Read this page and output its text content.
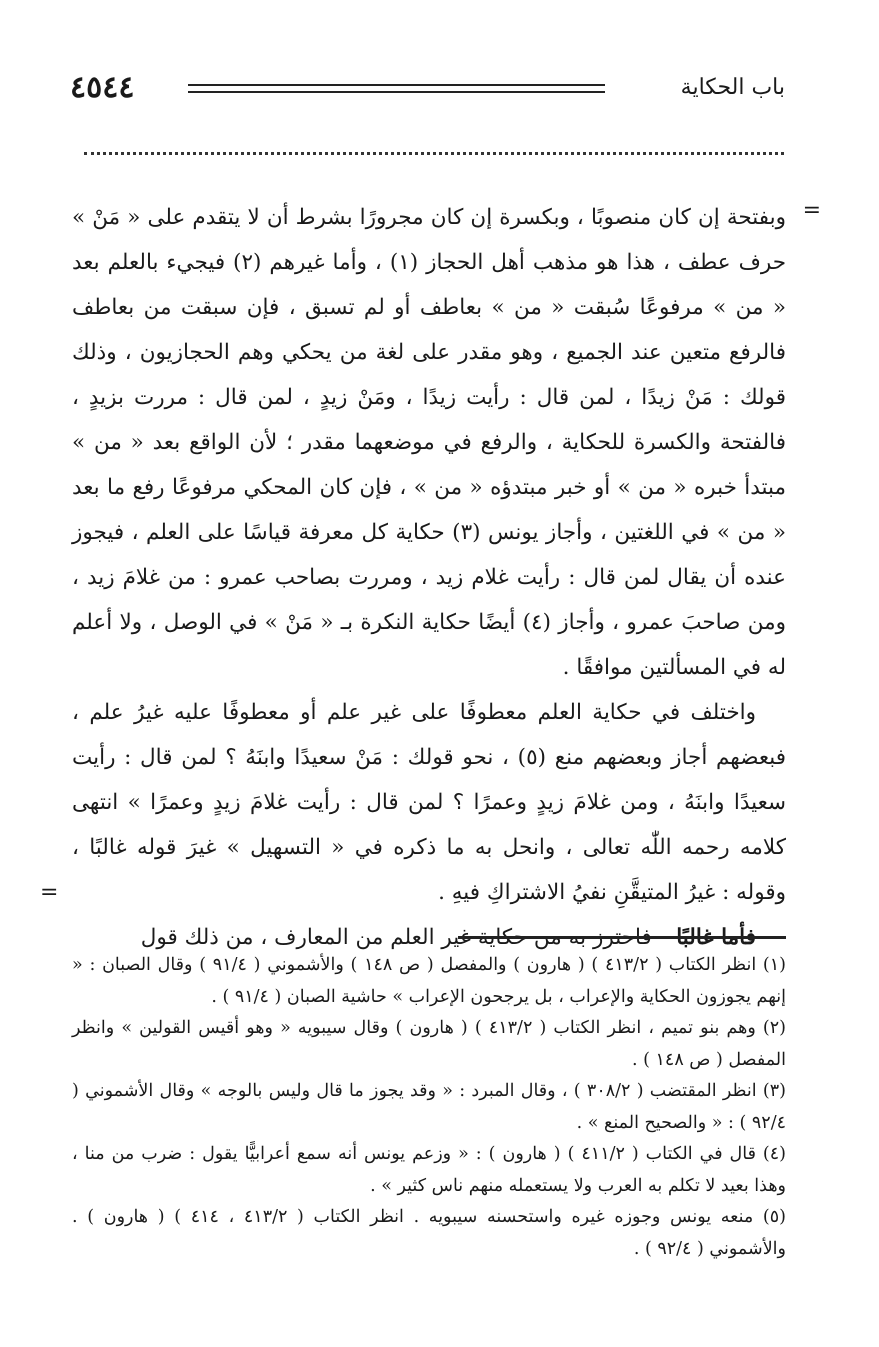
٤٥٤٤	باب الحكاية
=

وبفتحة إن كان منصوبًا ، وبكسرة إن كان مجرورًا بشرط أن لا يتقدم على « مَنْ » حرف عطف ، هذا هو مذهب أهل الحجاز (١) ، وأما غيرهم (٢) فيجيء بالعلم بعد « من » مرفوعًا سُبقت « من » بعاطف أو لم تسبق ، فإن سبقت من بعاطف فالرفع متعين عند الجميع ، وهو مقدر على لغة من يحكي وهم الحجازيون ، وذلك قولك : مَنْ زيدًا ، لمن قال : رأيت زيدًا ، ومَنْ زيدٍ ، لمن قال : مررت بزيدٍ ، فالفتحة والكسرة للحكاية ، والرفع في موضعهما مقدر ؛ لأن الواقع بعد « من » مبتدأ خبره « من » أو خبر مبتدؤه « من » ، فإن كان المحكي مرفوعًا رفع ما بعد « من » في اللغتين ، وأجاز يونس (٣) حكاية كل معرفة قياسًا على العلم ، فيجوز عنده أن يقال لمن قال : رأيت غلام زيد ، ومررت بصاحب عمرو : من غلامَ زيد ، ومن صاحبَ عمرو ، وأجاز (٤) أيضًا حكاية النكرة بـ « مَنْ » في الوصل ، ولا أعلم له في المسألتين موافقًا .

واختلف في حكاية العلم معطوفًا على غير علم أو معطوفًا عليه غيرُ علم ، فبعضهم أجاز وبعضهم منع (٥) ، نحو قولك : مَنْ سعيدًا وابنَهُ ؟ لمن قال : رأيت سعيدًا وابنَهُ ، ومن غلامَ زيدٍ وعمرًا ؟ لمن قال : رأيت غلامَ زيدٍ وعمرًا » انتهى كلامه رحمه اللّٰه تعالى ، وانحل به ما ذكره في « التسهيل » غيرَ قوله غالبًا ، وقوله : غيرُ المتيقَّنِ نفيُ الاشتراكِ فيهِ .

فأما غالبًا – فاحترز به من حكاية غير العلم من المعارف ، من ذلك قول

=

(١) انظر الكتاب ( ٤١٣/٢ ) ( هارون ) والمفصل ( ص ١٤٨ ) والأشموني ( ٩١/٤ ) وقال الصبان : « إنهم يجوزون الحكاية والإعراب ، بل يرجحون الإعراب » حاشية الصبان ( ٩١/٤ ) .

(٢) وهم بنو تميم ، انظر الكتاب ( ٤١٣/٢ ) ( هارون ) وقال سيبويه « وهو أقيس القولين » وانظر المفصل ( ص ١٤٨ ) .

(٣) انظر المقتضب ( ٣٠٨/٢ ) ، وقال المبرد : « وقد يجوز ما قال وليس بالوجه » وقال الأشموني ( ٩٢/٤ ) : « والصحيح المنع » .

(٤) قال في الكتاب ( ٤١١/٢ ) ( هارون ) : « وزعم يونس أنه سمع أعرابيًّا يقول : ضرب من منا ، وهذا بعيد لا تكلم به العرب ولا يستعمله منهم ناس كثير » .

(٥) منعه يونس وجوزه غيره واستحسنه سيبويه . انظر الكتاب ( ٤١٣/٢ ، ٤١٤ ) ( هارون ) . والأشموني ( ٩٢/٤ ) .
